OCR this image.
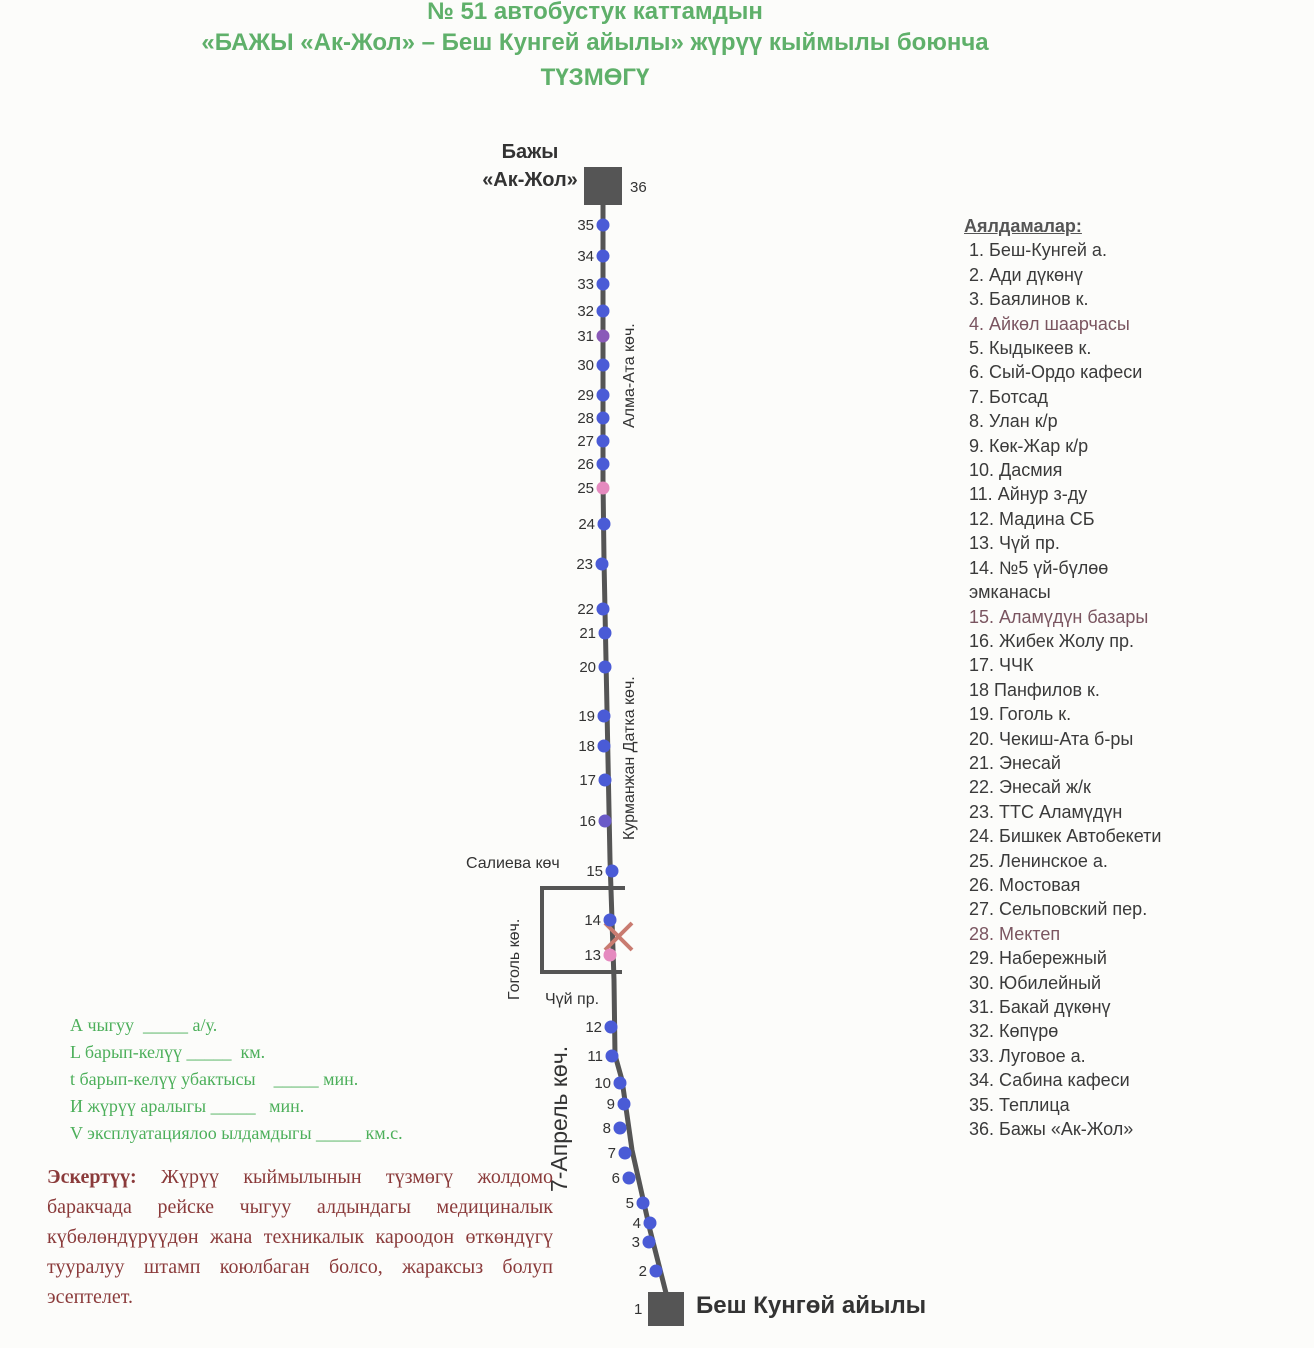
№ 51 автобустук каттамдын
«БАЖЫ «Ак-Жол» – Беш Кунгей айылы» жүрүү кыймылы боюнча
ТҮЗМӨГҮ
36
1
35
34
33
32
31
30
29
28
27
26
25
24
23
22
21
20
19
18
17
16
15
14
13
12
11
10
9
8
7
6
5
4
3
2
Алма-Ата көч.
Курманжан Датка көч.
Салиева көч
Гоголь көч. Чүй пр.
7-Апрель көч.
Бажы
«Ак-Жол»
Беш Кунгөй айылы
Аялдамалар:
1. Беш-Кунгей а.
2. Ади дүкөнү
3. Баялинов к.
4. Айкөл шаарчасы
5. Кыдыкеев к.
6. Сый-Ордо кафеси
7. Ботсад
8. Улан к/р
9. Көк-Жар к/р
10. Дасмия
11. Айнур з-ду
12. Мадина СБ
13. Чүй пр.
14. №5 үй-бүлөө
эмканасы
15. Аламүдүн базары
16. Жибек Жолу пр.
17. ЧЧК
18 Панфилов к.
19. Гоголь к.
20. Чекиш-Ата б-ры
21. Энесай
22. Энесай ж/к
23. ТТС Аламүдүн
24. Бишкек Автобекети
25. Ленинское а.
26. Мостовая
27. Сельповский пер.
28. Мектеп
29. Набережный
30. Юбилейный
31. Бакай дүкөнү
32. Көпүрө
33. Луговое а.
34. Сабина кафеси
35. Теплица
36. Бажы «Ак-Жол»
А чыгуу  _____ а/у.
L барып-келүү _____  км.
t барып-келүү убактысы    _____ мин.
И жүрүү аралыгы _____   мин.
V эксплуатациялоо ылдамдыгы _____ км.с.
Эскертүү: Жүрүү кыймылынын түзмөгү жолдомо баракчада рейске чыгуу алдындагы медициналык күбөлөндүрүүдөн жана техникалык кароодон өткөндүгү тууралуу штамп коюлбаган болсо, жараксыз болуп эсептелет.
